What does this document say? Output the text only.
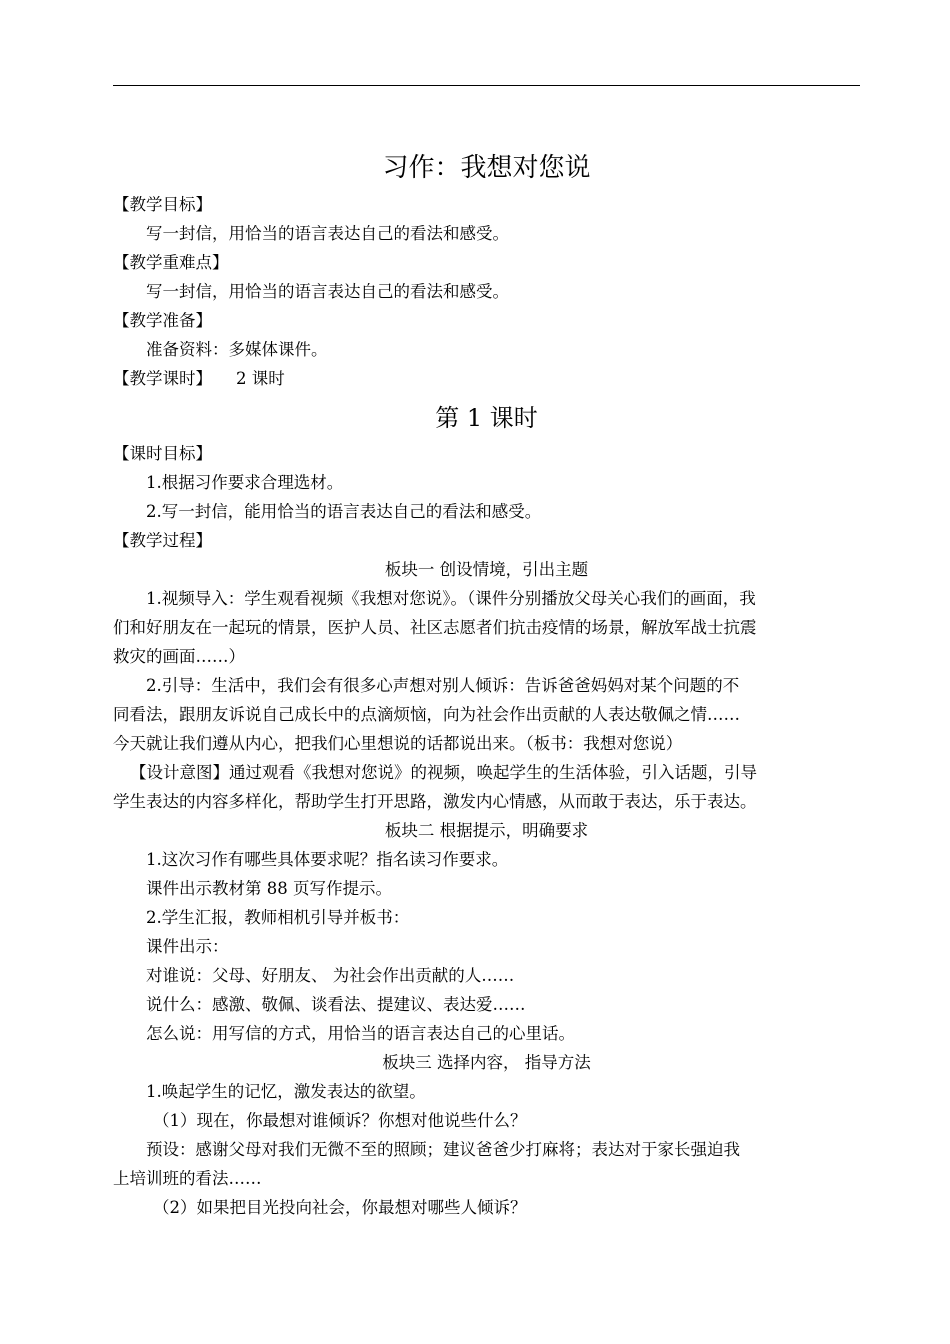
习作：我想对您说
【教学目标】
写一封信，用恰当的语言表达自己的看法和感受。
【教学重难点】
写一封信，用恰当的语言表达自己的看法和感受。
【教学准备】
准备资料：多媒体课件。
【教学课时】 2 课时
第 1 课时
【课时目标】
1.根据习作要求合理选材。
2.写一封信，能用恰当的语言表达自己的看法和感受。
【教学过程】
板块一 创设情境，引出主题
1.视频导入：学生观看视频《我想对您说》。（课件分别播放父母关心我们的画面，我
们和好朋友在一起玩的情景，医护人员、社区志愿者们抗击疫情的场景，解放军战士抗震
救灾的画面……）
2.引导：生活中，我们会有很多心声想对别人倾诉：告诉爸爸妈妈对某个问题的不
同看法，跟朋友诉说自己成长中的点滴烦恼，向为社会作出贡献的人表达敬佩之情……
今天就让我们遵从内心，把我们心里想说的话都说出来。（板书：我想对您说）
【设计意图】通过观看《我想对您说》的视频，唤起学生的生活体验，引入话题，引导
学生表达的内容多样化，帮助学生打开思路，激发内心情感，从而敢于表达，乐于表达。
板块二 根据提示，明确要求
1.这次习作有哪些具体要求呢？指名读习作要求。
课件出示教材第 88 页写作提示。
2.学生汇报，教师相机引导并板书：
课件出示：
对谁说：父母、好朋友、 为社会作出贡献的人……
说什么：感激、敬佩、谈看法、提建议、表达爱……
怎么说：用写信的方式，用恰当的语言表达自己的心里话。
板块三 选择内容， 指导方法
1.唤起学生的记忆，激发表达的欲望。
（1）现在，你最想对谁倾诉？你想对他说些什么？
预设：感谢父母对我们无微不至的照顾；建议爸爸少打麻将；表达对于家长强迫我
上培训班的看法……
（2）如果把目光投向社会，你最想对哪些人倾诉？
